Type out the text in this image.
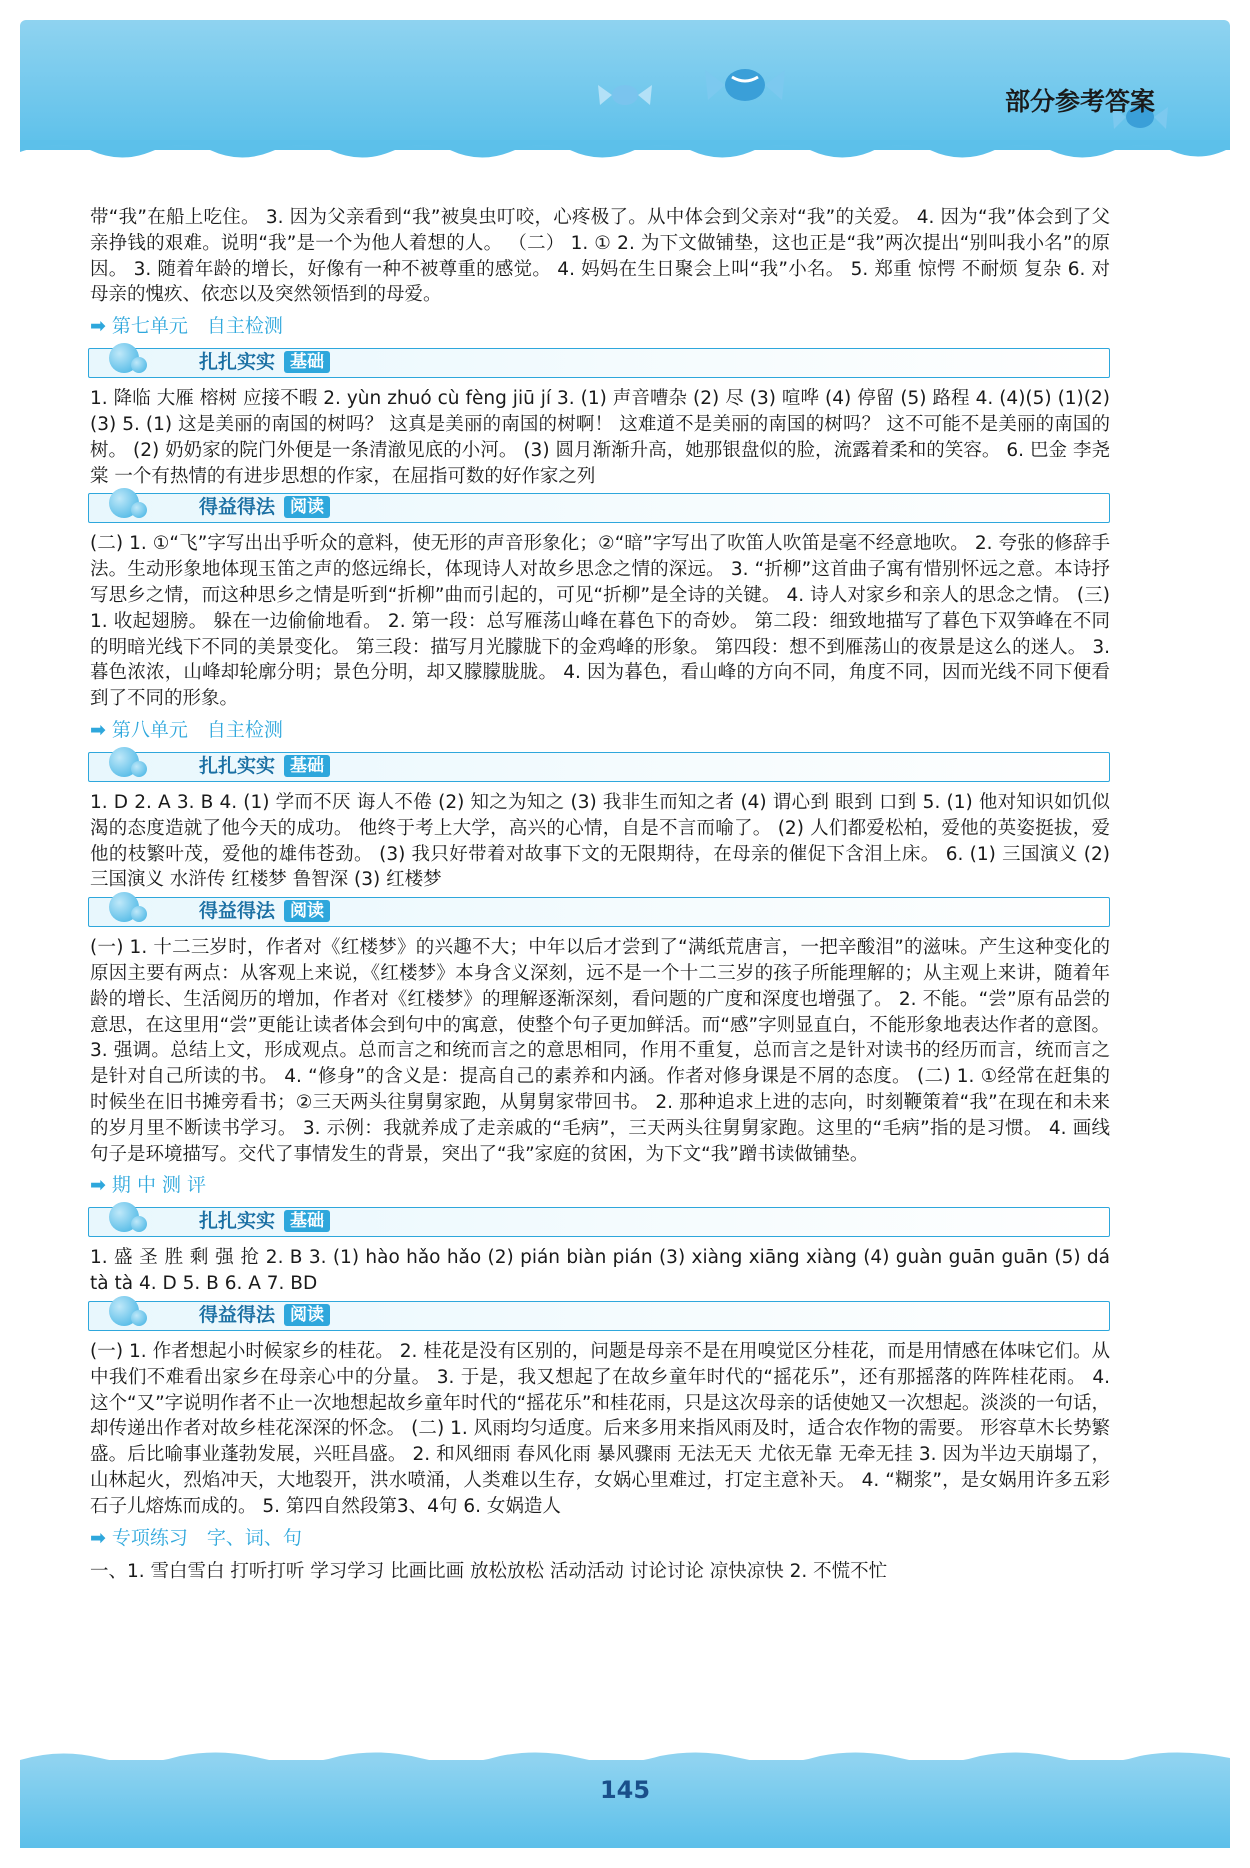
部分参考答案

带“我”在船上吃住。 3. 因为父亲看到“我”被臭虫叮咬，心疼极了。从中体会到父亲对“我”的关爱。 4. 因为“我”体会到了父亲挣钱的艰难。说明“我”是一个为他人着想的人。 （二） 1. ① 2. 为下文做铺垫，这也正是“我”两次提出“别叫我小名”的原因。 3. 随着年龄的增长，好像有一种不被尊重的感觉。 4. 妈妈在生日聚会上叫“我”小名。 5. 郑重 惊愕 不耐烦 复杂 6. 对母亲的愧疚、依恋以及突然领悟到的母爱。

➡ 第七单元　自主检测
扎扎实实 基础

1. 降临 大雁 榕树 应接不暇 2. yùn zhuó cù fèng jiū jí 3. (1) 声音嘈杂 (2) 尽 (3) 喧哗 (4) 停留 (5) 路程 4. (4)(5) (1)(2)(3) 5. (1) 这是美丽的南国的树吗？ 这真是美丽的南国的树啊！ 这难道不是美丽的南国的树吗？ 这不可能不是美丽的南国的树。 (2) 奶奶家的院门外便是一条清澈见底的小河。 (3) 圆月渐渐升高，她那银盘似的脸，流露着柔和的笑容。 6. 巴金 李尧棠 一个有热情的有进步思想的作家，在屈指可数的好作家之列

得益得法 阅读

(二) 1. ①“飞”字写出出乎听众的意料，使无形的声音形象化；②“暗”字写出了吹笛人吹笛是毫不经意地吹。 2. 夸张的修辞手法。生动形象地体现玉笛之声的悠远绵长，体现诗人对故乡思念之情的深远。 3. “折柳”这首曲子寓有惜别怀远之意。本诗抒写思乡之情，而这种思乡之情是听到“折柳”曲而引起的，可见“折柳”是全诗的关键。 4. 诗人对家乡和亲人的思念之情。 (三) 1. 收起翅膀。 躲在一边偷偷地看。 2. 第一段：总写雁荡山峰在暮色下的奇妙。 第二段：细致地描写了暮色下双笋峰在不同的明暗光线下不同的美景变化。 第三段：描写月光朦胧下的金鸡峰的形象。 第四段：想不到雁荡山的夜景是这么的迷人。 3. 暮色浓浓，山峰却轮廓分明；景色分明，却又朦朦胧胧。 4. 因为暮色，看山峰的方向不同，角度不同，因而光线不同下便看到了不同的形象。

➡ 第八单元　自主检测
扎扎实实 基础

1. D 2. A 3. B 4. (1) 学而不厌 诲人不倦 (2) 知之为知之 (3) 我非生而知之者 (4) 谓心到 眼到 口到 5. (1) 他对知识如饥似渴的态度造就了他今天的成功。 他终于考上大学，高兴的心情，自是不言而喻了。 (2) 人们都爱松柏，爱他的英姿挺拔，爱他的枝繁叶茂，爱他的雄伟苍劲。 (3) 我只好带着对故事下文的无限期待，在母亲的催促下含泪上床。 6. (1) 三国演义 (2) 三国演义 水浒传 红楼梦 鲁智深 (3) 红楼梦

得益得法 阅读

(一) 1. 十二三岁时，作者对《红楼梦》的兴趣不大；中年以后才尝到了“满纸荒唐言，一把辛酸泪”的滋味。产生这种变化的原因主要有两点：从客观上来说，《红楼梦》本身含义深刻，远不是一个十二三岁的孩子所能理解的；从主观上来讲，随着年龄的增长、生活阅历的增加，作者对《红楼梦》的理解逐渐深刻，看问题的广度和深度也增强了。 2. 不能。“尝”原有品尝的意思，在这里用“尝”更能让读者体会到句中的寓意，使整个句子更加鲜活。而“感”字则显直白，不能形象地表达作者的意图。 3. 强调。总结上文，形成观点。总而言之和统而言之的意思相同，作用不重复，总而言之是针对读书的经历而言，统而言之是针对自己所读的书。 4. “修身”的含义是：提高自己的素养和内涵。作者对修身课是不屑的态度。 (二) 1. ①经常在赶集的时候坐在旧书摊旁看书；②三天两头往舅舅家跑，从舅舅家带回书。 2. 那种追求上进的志向，时刻鞭策着“我”在现在和未来的岁月里不断读书学习。 3. 示例：我就养成了走亲戚的“毛病”，三天两头往舅舅家跑。这里的“毛病”指的是习惯。 4. 画线句子是环境描写。交代了事情发生的背景，突出了“我”家庭的贫困，为下文“我”蹭书读做铺垫。

➡ 期 中 测 评
扎扎实实 基础

1. 盛 圣 胜 剩 强 抢 2. B 3. (1) hào hǎo hǎo (2) pián biàn pián (3) xiàng xiāng xiàng (4) guàn guān guān (5) dá tà tà 4. D 5. B 6. A 7. BD

得益得法 阅读

(一) 1. 作者想起小时候家乡的桂花。 2. 桂花是没有区别的，问题是母亲不是在用嗅觉区分桂花，而是用情感在体味它们。从中我们不难看出家乡在母亲心中的分量。 3. 于是，我又想起了在故乡童年时代的“摇花乐”，还有那摇落的阵阵桂花雨。 4. 这个“又”字说明作者不止一次地想起故乡童年时代的“摇花乐”和桂花雨，只是这次母亲的话使她又一次想起。淡淡的一句话，却传递出作者对故乡桂花深深的怀念。 (二) 1. 风雨均匀适度。后来多用来指风雨及时，适合农作物的需要。 形容草木长势繁盛。后比喻事业蓬勃发展，兴旺昌盛。 2. 和风细雨 春风化雨 暴风骤雨 无法无天 尤依无靠 无牵无挂 3. 因为半边天崩塌了，山林起火，烈焰冲天，大地裂开，洪水喷涌，人类难以生存，女娲心里难过，打定主意补天。 4. “糊浆”，是女娲用许多五彩石子儿熔炼而成的。 5. 第四自然段第3、4句 6. 女娲造人

➡ 专项练习　字、词、句

一、1. 雪白雪白 打听打听 学习学习 比画比画 放松放松 活动活动 讨论讨论 凉快凉快 2. 不慌不忙

145
